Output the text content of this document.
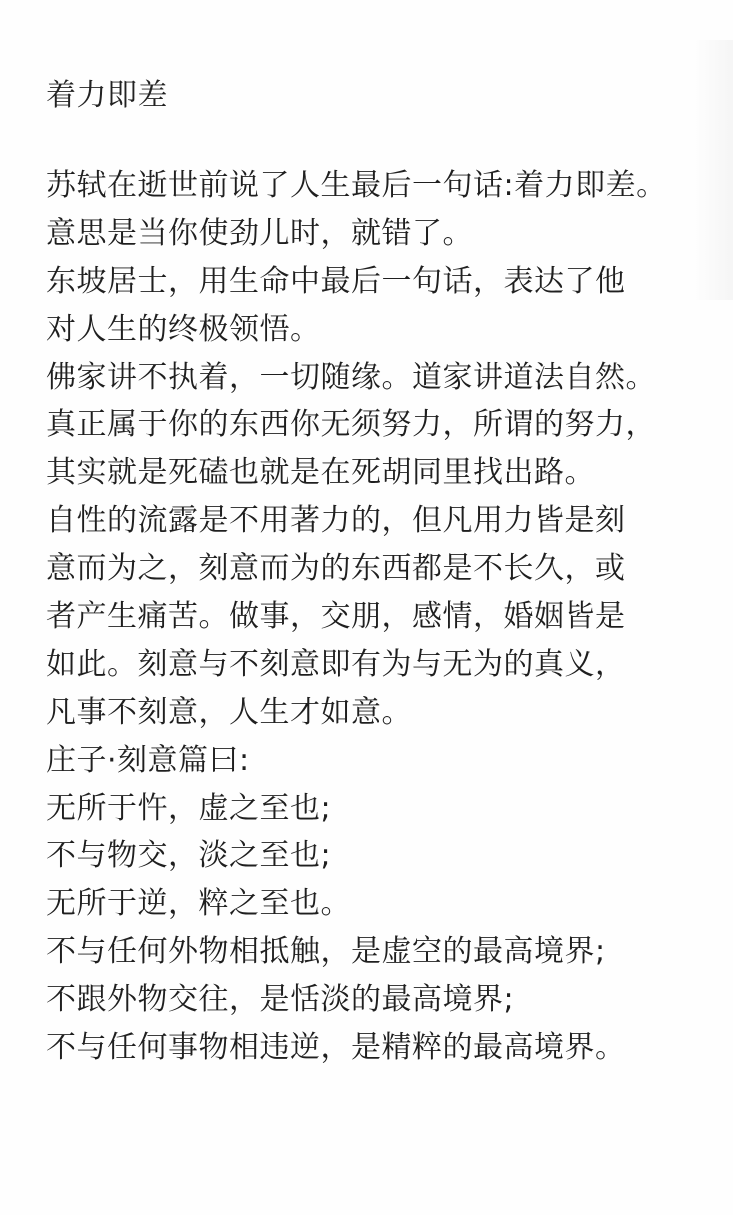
着力即差
苏轼在逝世前说了人生最后一句话:着力即差。
意思是当你使劲儿时，就错了。
东坡居士，用生命中最后一句话，表达了他
对人生的终极领悟。
佛家讲不执着，一切随缘。道家讲道法自然。
真正属于你的东西你无须努力，所谓的努力，
其实就是死磕也就是在死胡同里找出路。
自性的流露是不用著力的，但凡用力皆是刻
意而为之，刻意而为的东西都是不长久，或
者产生痛苦。做事，交朋，感情，婚姻皆是
如此。刻意与不刻意即有为与无为的真义，
凡事不刻意，人生才如意。
庄子·刻意篇曰:
无所于忤，虚之至也;
不与物交，淡之至也;
无所于逆，粹之至也。
不与任何外物相抵触，是虚空的最高境界;
不跟外物交往，是恬淡的最高境界;
不与任何事物相违逆，是精粹的最高境界。
